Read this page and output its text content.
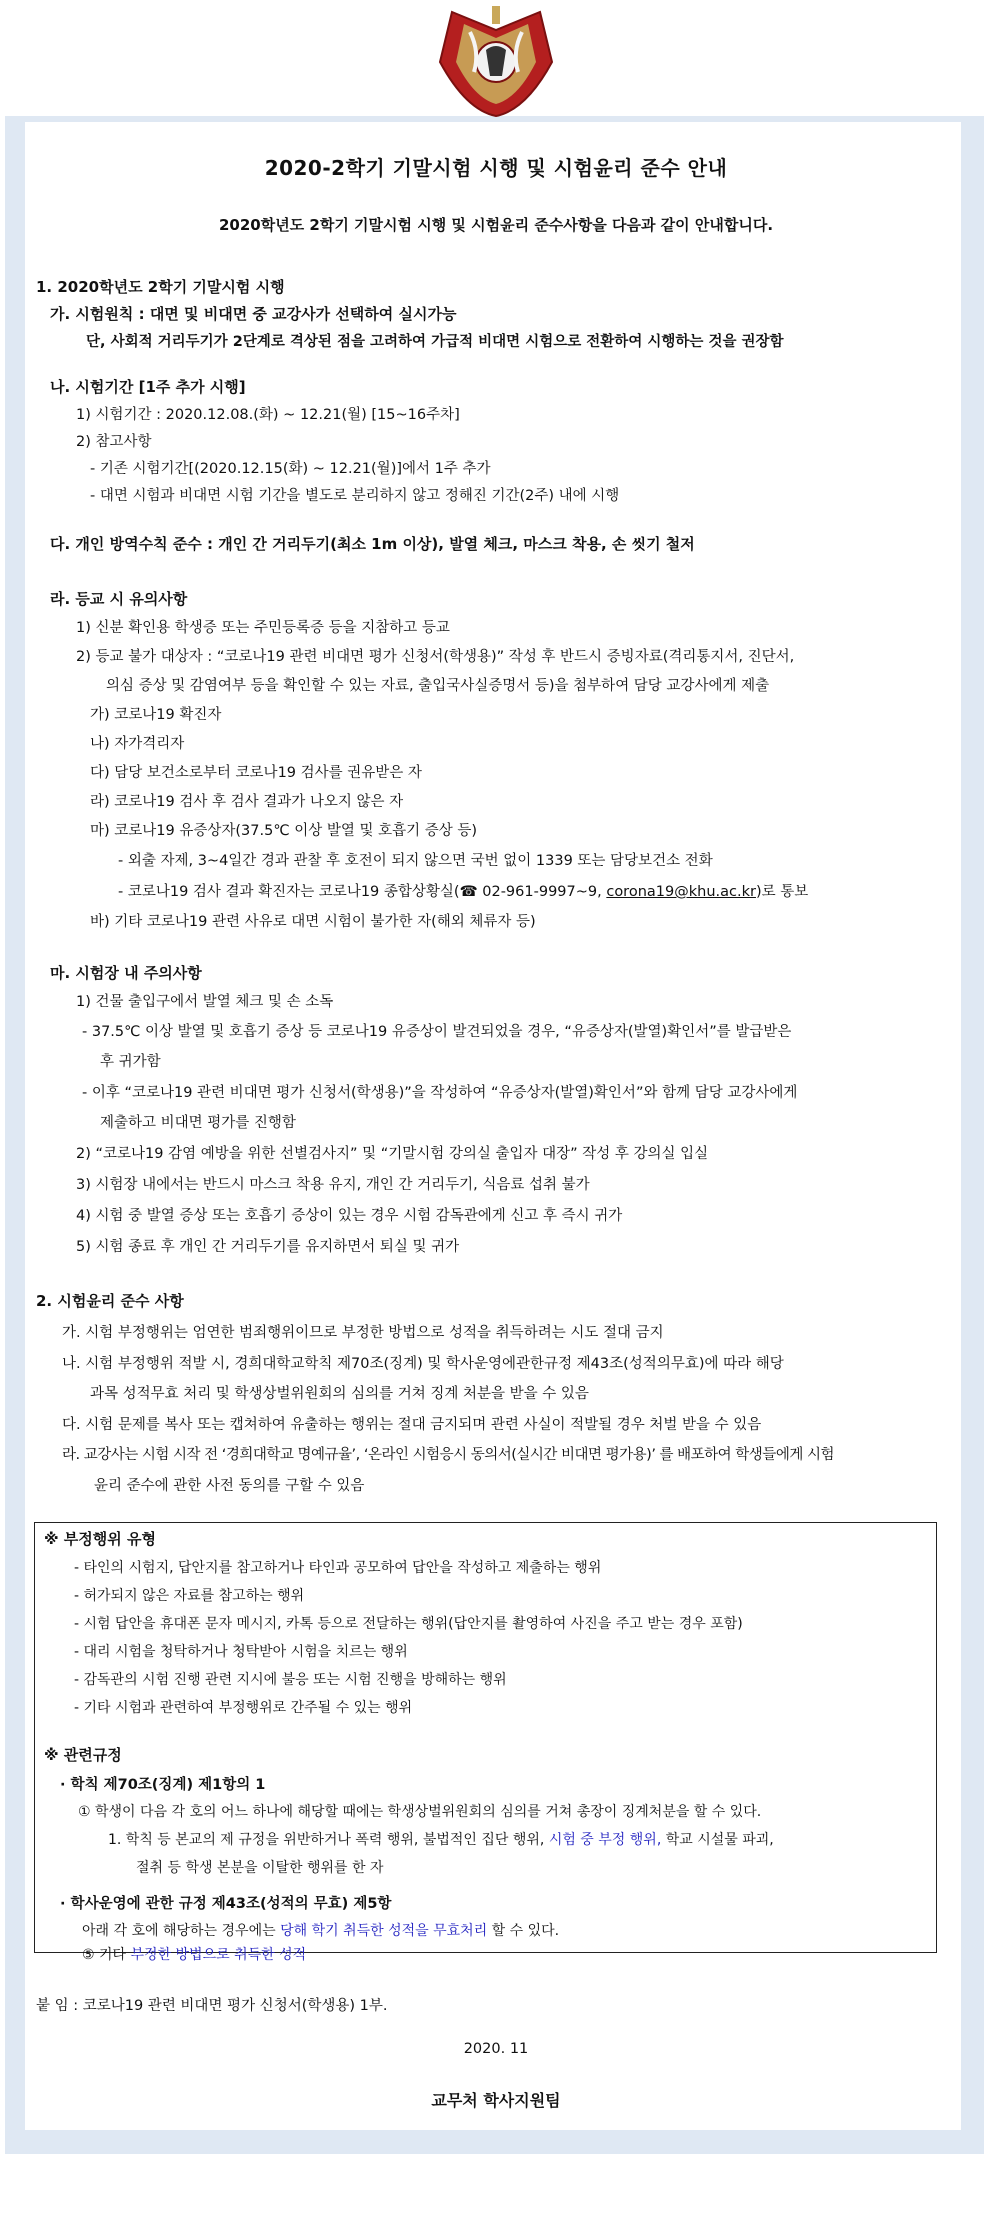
2020-2학기 기말시험 시행 및 시험윤리 준수 안내
2020학년도 2학기 기말시험 시행 및 시험윤리 준수사항을 다음과 같이 안내합니다.
1. 2020학년도 2학기 기말시험 시행
가. 시험원칙 : 대면 및 비대면 중 교강사가 선택하여 실시가능
단, 사회적 거리두기가 2단계로 격상된 점을 고려하여 가급적 비대면 시험으로 전환하여 시행하는 것을 권장함
나. 시험기간 [1주 추가 시행]
1) 시험기간 : 2020.12.08.(화) ~ 12.21(월) [15~16주차]
2) 참고사항
- 기존 시험기간[(2020.12.15(화) ~ 12.21(월)]에서 1주 추가
- 대면 시험과 비대면 시험 기간을 별도로 분리하지 않고 정해진 기간(2주) 내에 시행
다. 개인 방역수칙 준수 : 개인 간 거리두기(최소 1m 이상), 발열 체크, 마스크 착용, 손 씻기 철저
라. 등교 시 유의사항
1) 신분 확인용 학생증 또는 주민등록증 등을 지참하고 등교
2) 등교 불가 대상자 : “코로나19 관련 비대면 평가 신청서(학생용)” 작성 후 반드시 증빙자료(격리통지서, 진단서,
의심 증상 및 감염여부 등을 확인할 수 있는 자료, 출입국사실증명서 등)을 첨부하여 담당 교강사에게 제출
가) 코로나19 확진자
나) 자가격리자
다) 담당 보건소로부터 코로나19 검사를 권유받은 자
라) 코로나19 검사 후 검사 결과가 나오지 않은 자
마) 코로나19 유증상자(37.5℃ 이상 발열 및 호흡기 증상 등)
- 외출 자제, 3~4일간 경과 관찰 후 호전이 되지 않으면 국번 없이 1339 또는 담당보건소 전화
- 코로나19 검사 결과 확진자는 코로나19 종합상황실(☎ 02-961-9997~9, corona19@khu.ac.kr)로 통보
바) 기타 코로나19 관련 사유로 대면 시험이 불가한 자(해외 체류자 등)
마. 시험장 내 주의사항
1) 건물 출입구에서 발열 체크 및 손 소독
- 37.5℃ 이상 발열 및 호흡기 증상 등 코로나19 유증상이 발견되었을 경우, “유증상자(발열)확인서”를 발급받은
후 귀가함
- 이후 “코로나19 관련 비대면 평가 신청서(학생용)”을 작성하여 “유증상자(발열)확인서”와 함께 담당 교강사에게
제출하고 비대면 평가를 진행함
2) “코로나19 감염 예방을 위한 선별검사지” 및 “기말시험 강의실 출입자 대장” 작성 후 강의실 입실
3) 시험장 내에서는 반드시 마스크 착용 유지, 개인 간 거리두기, 식음료 섭취 불가
4) 시험 중 발열 증상 또는 호흡기 증상이 있는 경우 시험 감독관에게 신고 후 즉시 귀가
5) 시험 종료 후 개인 간 거리두기를 유지하면서 퇴실 및 귀가
2. 시험윤리 준수 사항
가. 시험 부정행위는 엄연한 범죄행위이므로 부정한 방법으로 성적을 취득하려는 시도 절대 금지
나. 시험 부정행위 적발 시, 경희대학교학칙 제70조(징계) 및 학사운영에관한규정 제43조(성적의무효)에 따라 해당
과목 성적무효 처리 및 학생상벌위원회의 심의를 거쳐 징계 처분을 받을 수 있음
다. 시험 문제를 복사 또는 캡쳐하여 유출하는 행위는 절대 금지되며 관련 사실이 적발될 경우 처벌 받을 수 있음
라. 교강사는 시험 시작 전 ‘경희대학교 명예규율’, ‘온라인 시험응시 동의서(실시간 비대면 평가용)’ 를 배포하여 학생들에게 시험
윤리 준수에 관한 사전 동의를 구할 수 있음
※ 부정행위 유형
- 타인의 시험지, 답안지를 참고하거나 타인과 공모하여 답안을 작성하고 제출하는 행위
- 허가되지 않은 자료를 참고하는 행위
- 시험 답안을 휴대폰 문자 메시지, 카톡 등으로 전달하는 행위(답안지를 촬영하여 사진을 주고 받는 경우 포함)
- 대리 시험을 청탁하거나 청탁받아 시험을 치르는 행위
- 감독관의 시험 진행 관련 지시에 불응 또는 시험 진행을 방해하는 행위
- 기타 시험과 관련하여 부정행위로 간주될 수 있는 행위
※ 관련규정
· 학칙 제70조(징계) 제1항의 1
① 학생이 다음 각 호의 어느 하나에 해당할 때에는 학생상벌위원회의 심의를 거쳐 총장이 징계처분을 할 수 있다.
1. 학칙 등 본교의 제 규정을 위반하거나 폭력 행위, 불법적인 집단 행위, 시험 중 부정 행위, 학교 시설물 파괴,
절취 등 학생 본분을 이탈한 행위를 한 자
· 학사운영에 관한 규정 제43조(성적의 무효) 제5항
아래 각 호에 해당하는 경우에는 당해 학기 취득한 성적을 무효처리 할 수 있다.
⑤ 기타 부정한 방법으로 취득한 성적
붙 임 : 코로나19 관련 비대면 평가 신청서(학생용) 1부.
2020. 11
교무처 학사지원팀
